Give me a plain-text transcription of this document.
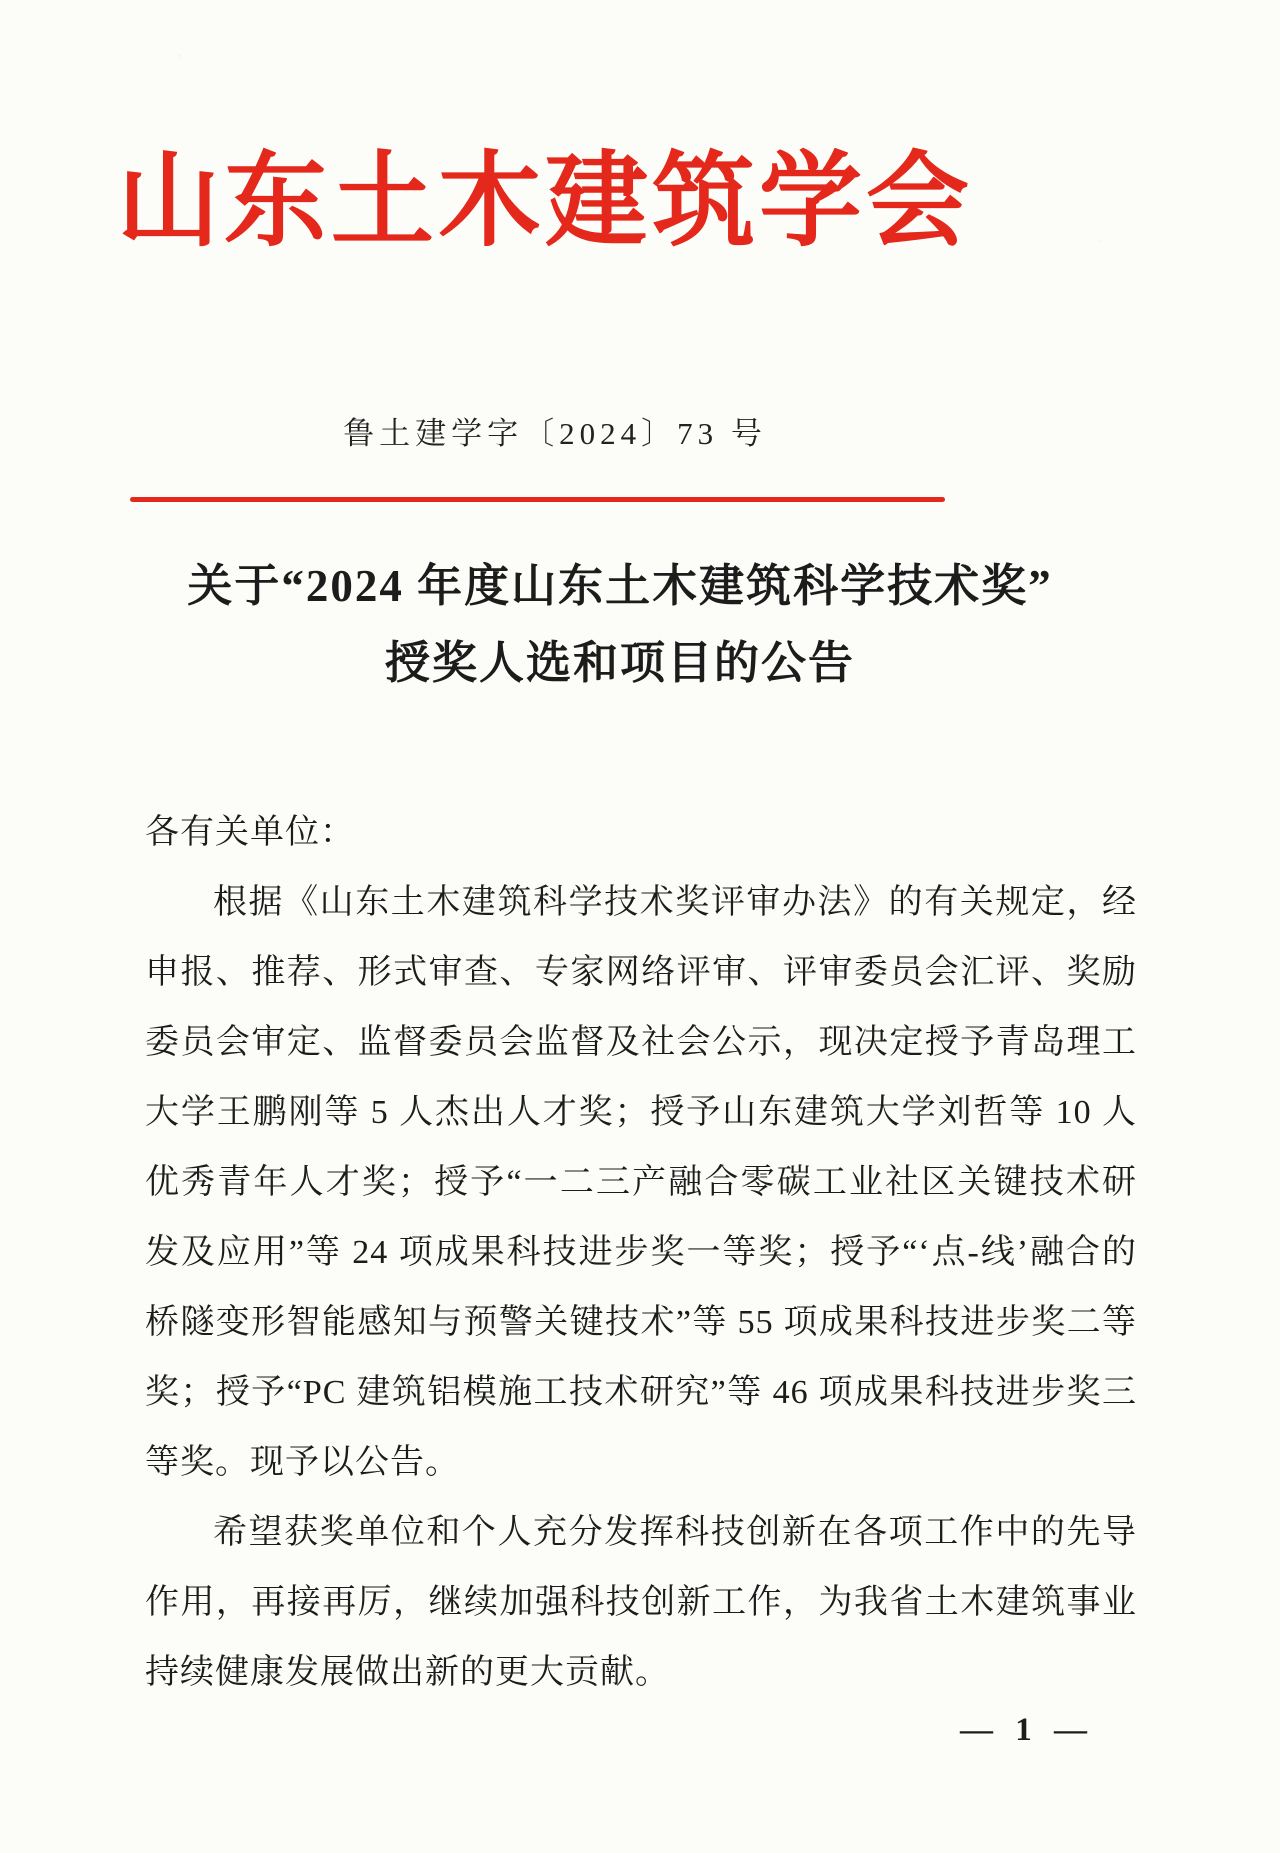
山东土木建筑学会
鲁土建学字〔2024〕73 号
关于“2024 年度山东土木建筑科学技术奖”
授奖人选和项目的公告

各有关单位：

根据《山东土木建筑科学技术奖评审办法》的有关规定，经申报、推荐、形式审查、专家网络评审、评审委员会汇评、奖励委员会审定、监督委员会监督及社会公示，现决定授予青岛理工大学王鹏刚等 5 人杰出人才奖；授予山东建筑大学刘哲等 10 人优秀青年人才奖；授予“一二三产融合零碳工业社区关键技术研发及应用”等 24 项成果科技进步奖一等奖；授予“‘点-线’融合的桥隧变形智能感知与预警关键技术”等 55 项成果科技进步奖二等奖；授予“PC 建筑铝模施工技术研究”等 46 项成果科技进步奖三等奖。现予以公告。

希望获奖单位和个人充分发挥科技创新在各项工作中的先导作用，再接再厉，继续加强科技创新工作，为我省土木建筑事业持续健康发展做出新的更大贡献。

— 1 —
